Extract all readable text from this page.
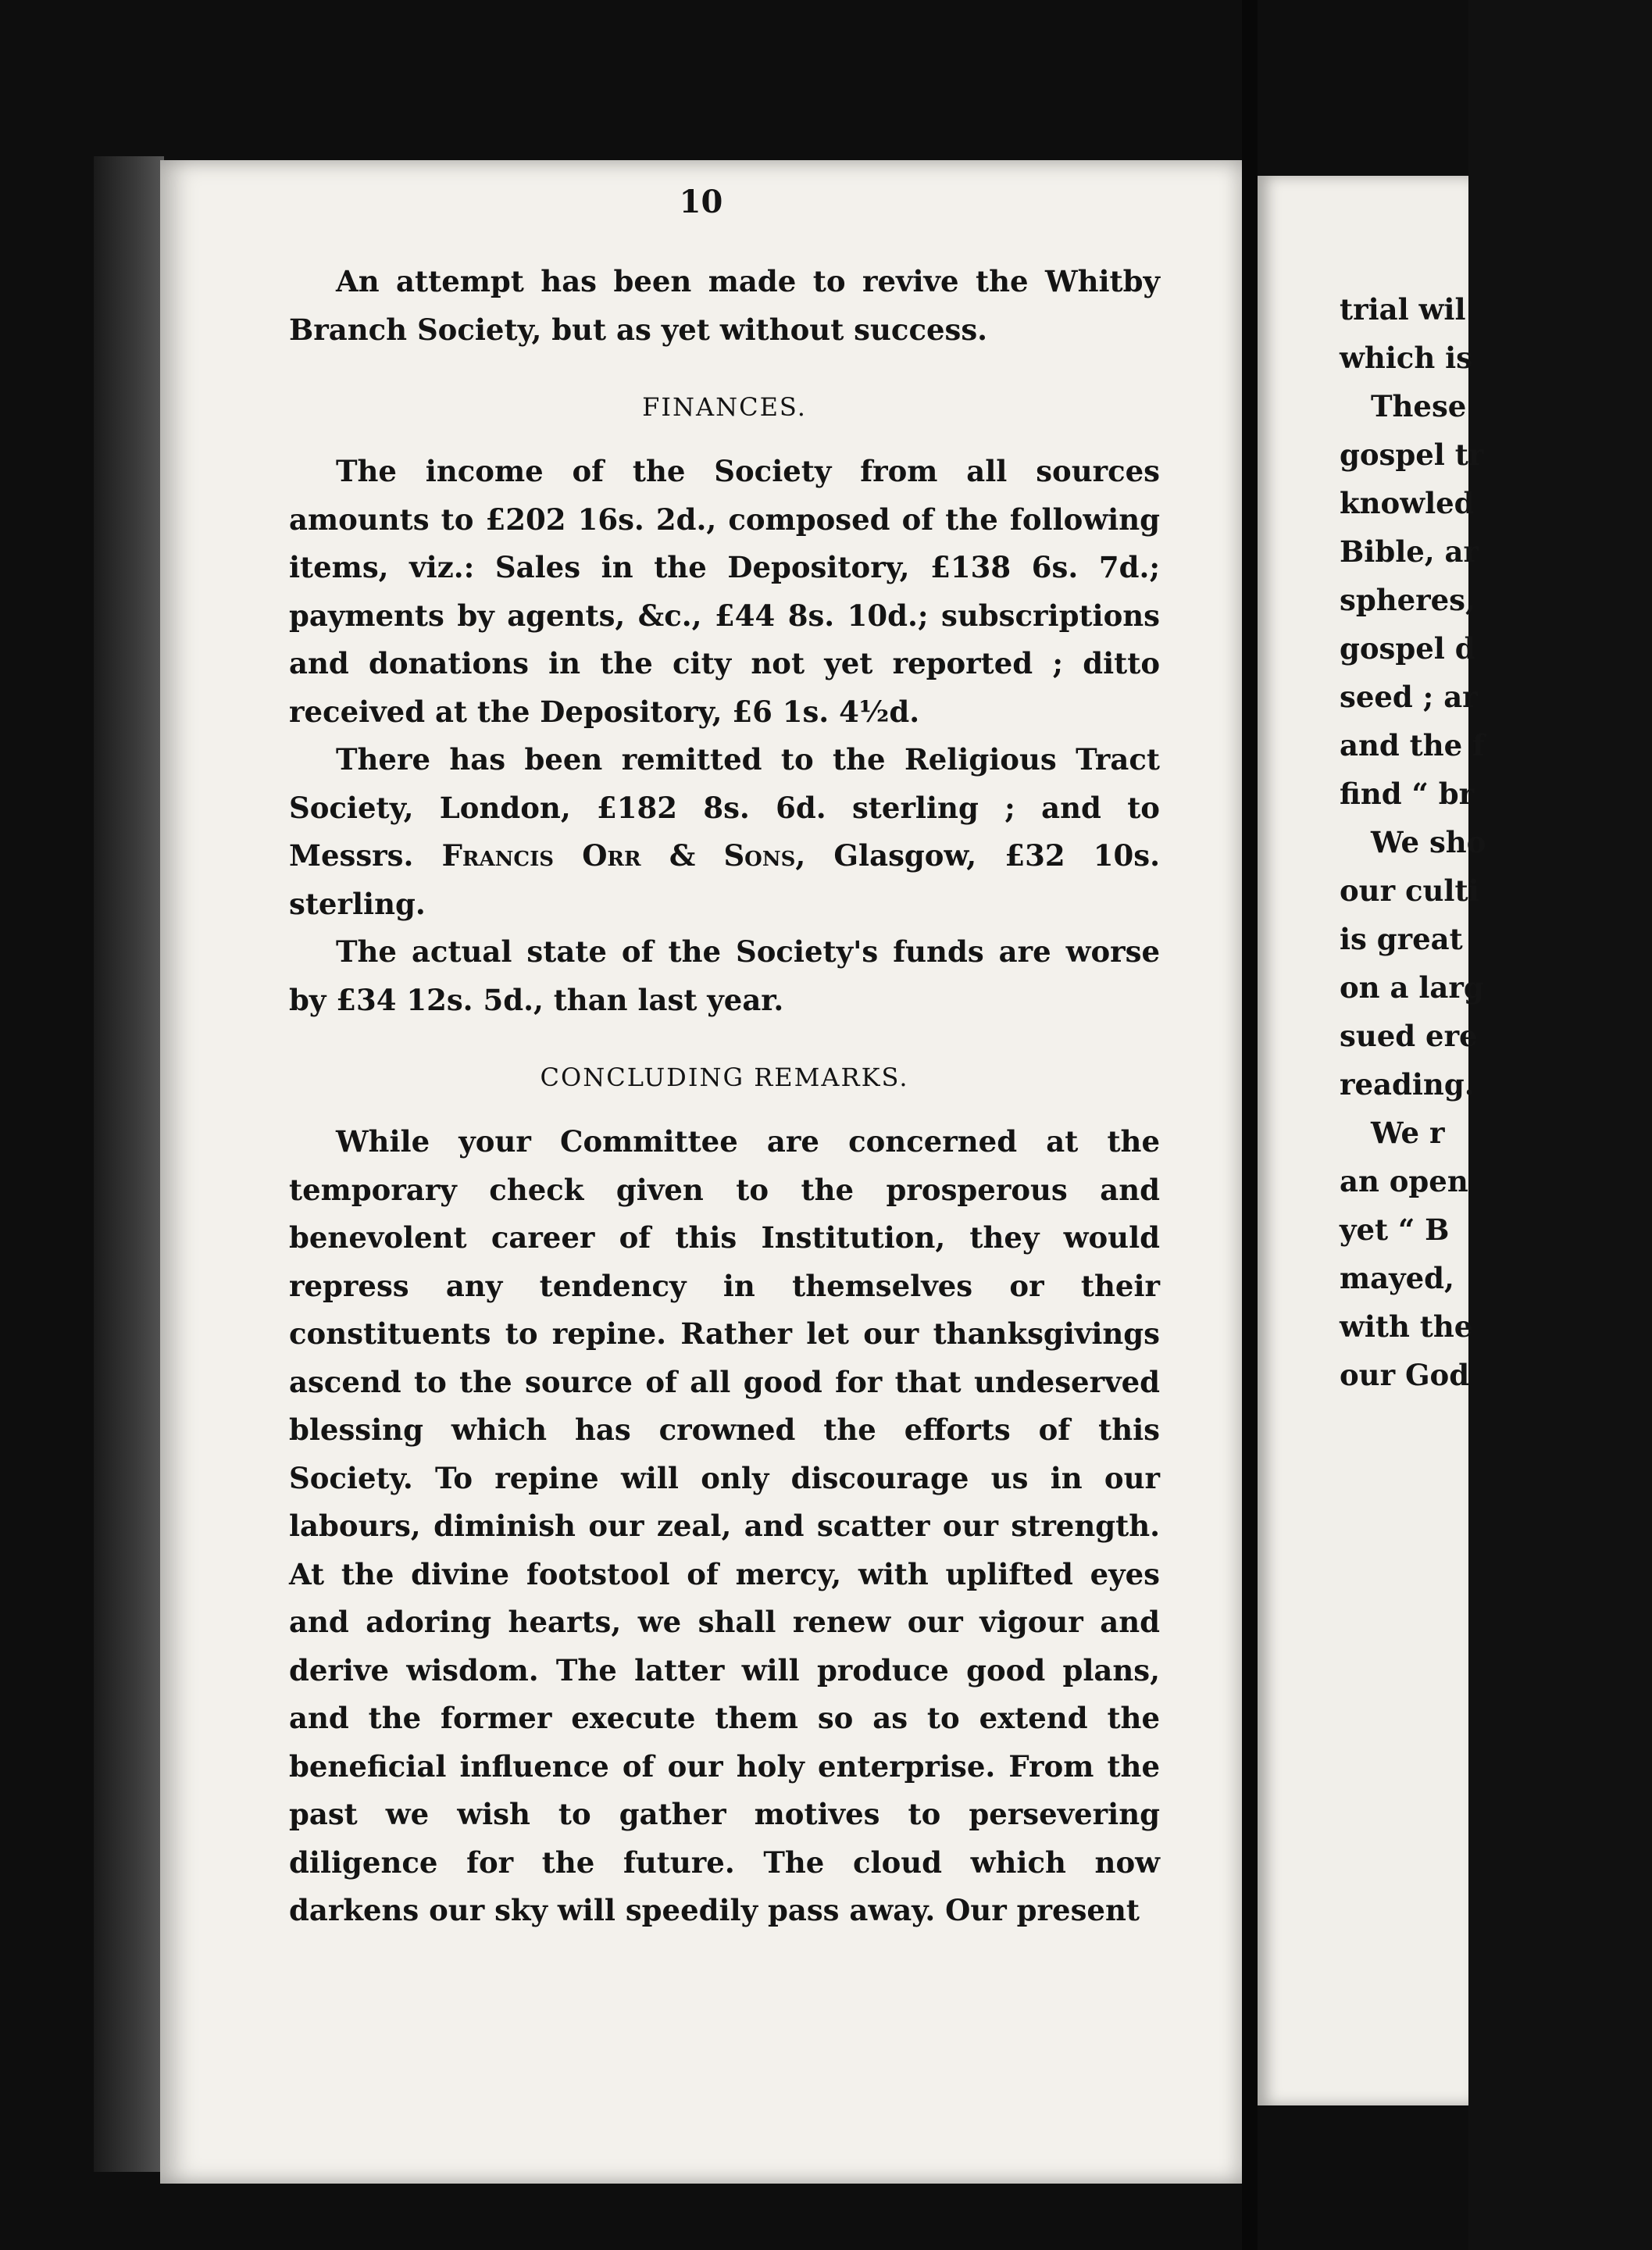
10

An attempt has been made to revive the Whitby Branch Society, but as yet without success.

FINANCES.

The income of the Society from all sources amounts to £202 16s. 2d., composed of the following items, viz.: Sales in the Depository, £138 6s. 7d.; payments by agents, &c., £44 8s. 10d.; subscriptions and donations in the city not yet reported ; ditto received at the Depository, £6 1s. 4½d.

There has been remitted to the Religious Tract Society, London, £182 8s. 6d. sterling ; and to Messrs. Francis Orr & Sons, Glasgow, £32 10s. sterling.

The actual state of the Society's funds are worse by £34 12s. 5d., than last year.

CONCLUDING REMARKS.

While your Committee are concerned at the temporary check given to the prosperous and benevolent career of this Institution, they would repress any tendency in themselves or their constituents to repine. Rather let our thanksgivings ascend to the source of all good for that undeserved blessing which has crowned the efforts of this Society. To repine will only discourage us in our labours, diminish our zeal, and scatter our strength. At the divine footstool of mercy, with uplifted eyes and adoring hearts, we shall renew our vigour and derive wisdom. The latter will produce good plans, and the former execute them so as to extend the beneficial influence of our holy enterprise. From the past we wish to gather motives to persevering diligence for the future. The cloud which now darkens our sky will speedily pass away. Our present

trial wil
which is
These
gospel tr
knowled
Bible, ar
spheres,
gospel d
seed ; ar
and the f
find “ br
We sho
our culti
is great
on a larg
sued ere
reading.
We r
an open
yet “ B
mayed,
with the
our God
